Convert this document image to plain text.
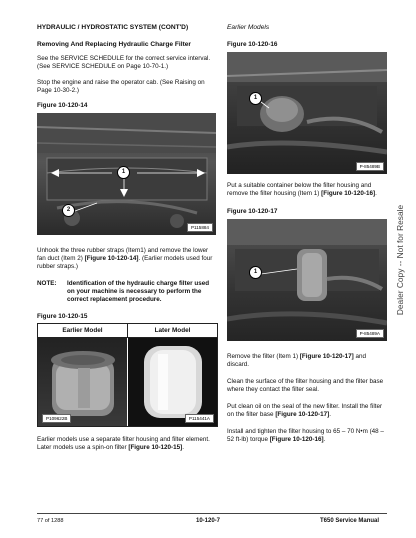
HYDRAULIC / HYDROSTATIC SYSTEM (CONT'D)	Earlier Models
Removing And Replacing Hydraulic Charge Filter

See the SERVICE SCHEDULE for the correct service interval. (See SERVICE SCHEDULE on Page 10-70-1.)

Stop the engine and raise the operator cab. (See Raising on Page 10-30-2.)

Figure 10-120-14
1
2
P115884

Unhook the three rubber straps (Item1) and remove the lower fan duct (Item 2) [Figure 10-120-14]. (Earlier models used four rubber straps.)

NOTE: Identification of the hydraulic charge filter used on your machine is necessary to perform the correct replacement procedure.
Figure 10-120-15
Earlier Model	Later Model
P109622B	P115441A

Earlier models use a separate filter housing and filter element. Later models use a spin-on filter [Figure 10-120-15].

Figure 10-120-16
1
P-85489B

Put a suitable container below the filter housing and remove the filter housing (Item 1) [Figure 10-120-16].

Figure 10-120-17
1
P-85489A

Remove the filter (Item 1) [Figure 10-120-17] and discard.

Clean the surface of the filter housing and the filter base where they contact the filter seal.

Put clean oil on the seal of the new filter. Install the filter on the filter base [Figure 10-120-17].

Install and tighten the filter housing to 65 – 70 N•m (48 – 52 ft-lb) torque [Figure 10-120-16].

Dealer Copy -- Not for Resale
77 of 1288	10-120-7	T650 Service Manual
